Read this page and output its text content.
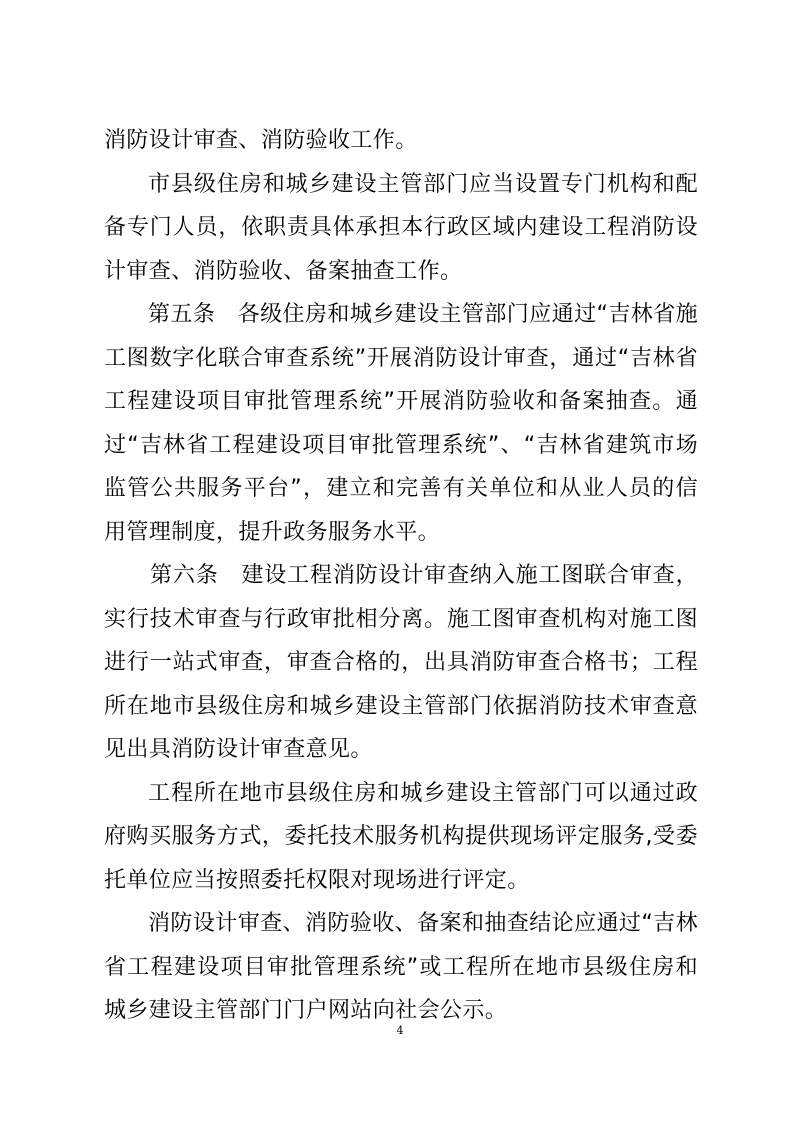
消防设计审查、消防验收工作。

市县级住房和城乡建设主管部门应当设置专门机构和配备专门人员，依职责具体承担本行政区域内建设工程消防设计审查、消防验收、备案抽查工作。

第五条　各级住房和城乡建设主管部门应通过“吉林省施工图数字化联合审查系统”开展消防设计审查，通过“吉林省工程建设项目审批管理系统”开展消防验收和备案抽查。通过“吉林省工程建设项目审批管理系统”、“吉林省建筑市场监管公共服务平台”，建立和完善有关单位和从业人员的信用管理制度，提升政务服务水平。

第六条　建设工程消防设计审查纳入施工图联合审查，实行技术审查与行政审批相分离。施工图审查机构对施工图进行一站式审查，审查合格的，出具消防审查合格书；工程所在地市县级住房和城乡建设主管部门依据消防技术审查意见出具消防设计审查意见。

工程所在地市县级住房和城乡建设主管部门可以通过政府购买服务方式，委托技术服务机构提供现场评定服务,受委托单位应当按照委托权限对现场进行评定。

消防设计审查、消防验收、备案和抽查结论应通过“吉林省工程建设项目审批管理系统”或工程所在地市县级住房和城乡建设主管部门门户网站向社会公示。

4
